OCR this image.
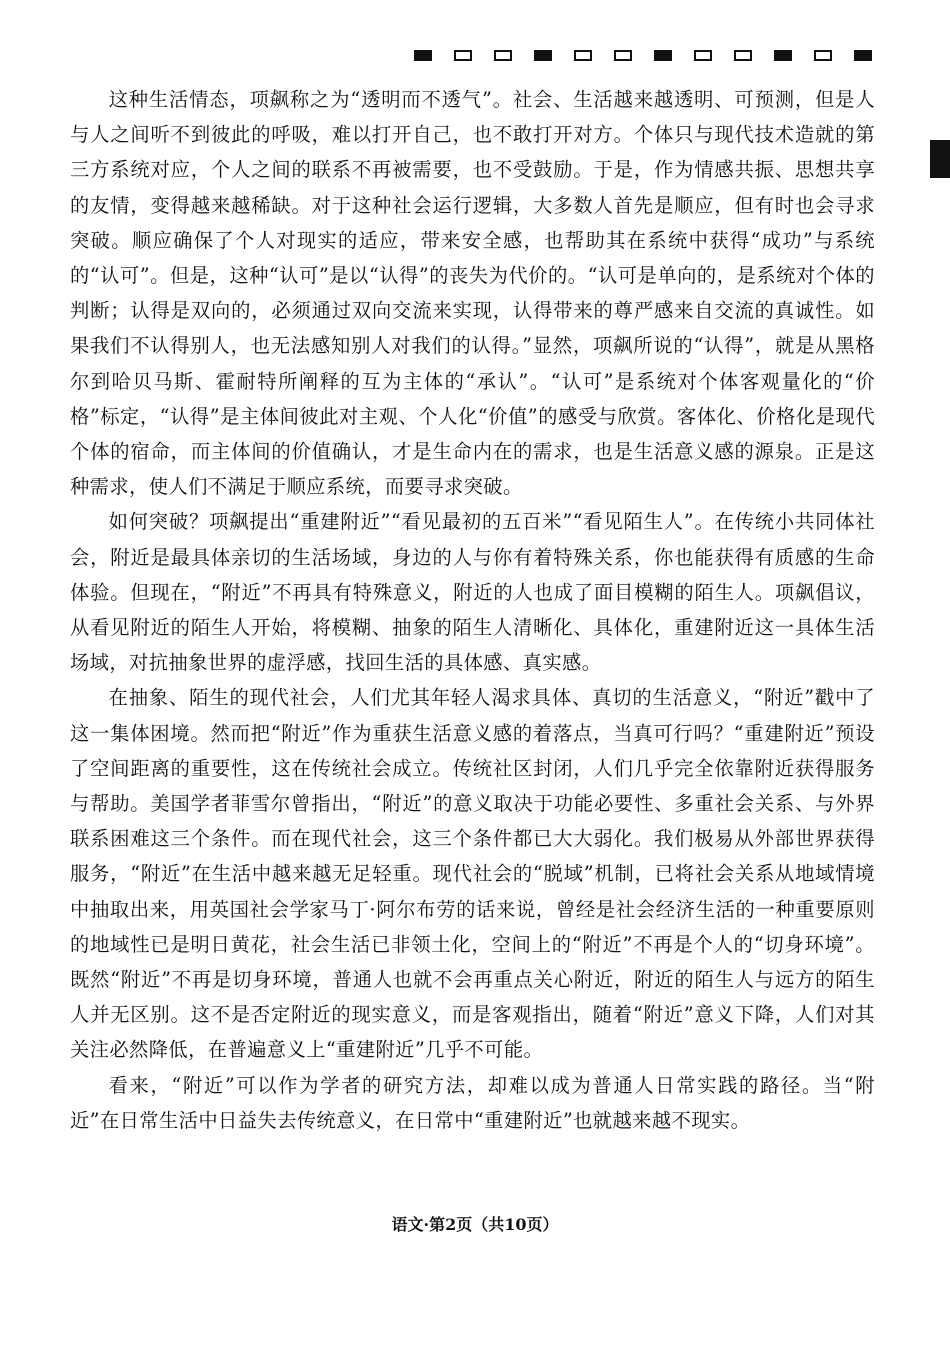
这种生活情态，项飙称之为“透明而不透气”。社会、生活越来越透明、可预测，但是人与人之间听不到彼此的呼吸，难以打开自己，也不敢打开对方。个体只与现代技术造就的第三方系统对应，个人之间的联系不再被需要，也不受鼓励。于是，作为情感共振、思想共享的友情，变得越来越稀缺。对于这种社会运行逻辑，大多数人首先是顺应，但有时也会寻求突破。顺应确保了个人对现实的适应，带来安全感，也帮助其在系统中获得“成功”与系统的“认可”。但是，这种“认可”是以“认得”的丧失为代价的。“认可是单向的，是系统对个体的判断；认得是双向的，必须通过双向交流来实现，认得带来的尊严感来自交流的真诚性。如果我们不认得别人，也无法感知别人对我们的认得。”显然，项飙所说的“认得”，就是从黑格尔到哈贝马斯、霍耐特所阐释的互为主体的“承认”。“认可”是系统对个体客观量化的“价格”标定，“认得”是主体间彼此对主观、个人化“价值”的感受与欣赏。客体化、价格化是现代个体的宿命，而主体间的价值确认，才是生命内在的需求，也是生活意义感的源泉。正是这种需求，使人们不满足于顺应系统，而要寻求突破。

如何突破？项飙提出“重建附近”“看见最初的五百米”“看见陌生人”。在传统小共同体社会，附近是最具体亲切的生活场域，身边的人与你有着特殊关系，你也能获得有质感的生命体验。但现在，“附近”不再具有特殊意义，附近的人也成了面目模糊的陌生人。项飙倡议，从看见附近的陌生人开始，将模糊、抽象的陌生人清晰化、具体化，重建附近这一具体生活场域，对抗抽象世界的虚浮感，找回生活的具体感、真实感。

在抽象、陌生的现代社会，人们尤其年轻人渴求具体、真切的生活意义，“附近”戳中了这一集体困境。然而把“附近”作为重获生活意义感的着落点，当真可行吗？“重建附近”预设了空间距离的重要性，这在传统社会成立。传统社区封闭，人们几乎完全依靠附近获得服务与帮助。美国学者菲雪尔曾指出，“附近”的意义取决于功能必要性、多重社会关系、与外界联系困难这三个条件。而在现代社会，这三个条件都已大大弱化。我们极易从外部世界获得服务，“附近”在生活中越来越无足轻重。现代社会的“脱域”机制，已将社会关系从地域情境中抽取出来，用英国社会学家马丁·阿尔布劳的话来说，曾经是社会经济生活的一种重要原则的地域性已是明日黄花，社会生活已非领土化，空间上的“附近”不再是个人的“切身环境”。既然“附近”不再是切身环境，普通人也就不会再重点关心附近，附近的陌生人与远方的陌生人并无区别。这不是否定附近的现实意义，而是客观指出，随着“附近”意义下降，人们对其关注必然降低，在普遍意义上“重建附近”几乎不可能。

看来，“附近”可以作为学者的研究方法，却难以成为普通人日常实践的路径。当“附近”在日常生活中日益失去传统意义，在日常中“重建附近”也就越来越不现实。

语文·第2页（共10页）
